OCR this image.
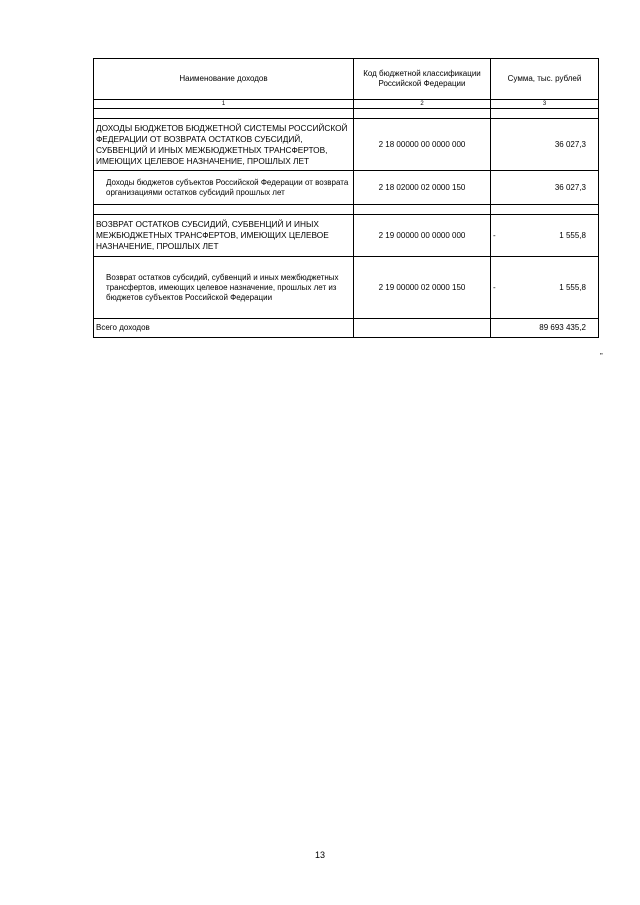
Наименование доходов	Код бюджетной классификации Российской Федерации	Сумма, тыс. рублей

1	2	3

ДОХОДЫ БЮДЖЕТОВ БЮДЖЕТНОЙ СИСТЕМЫ РОССИЙСКОЙ ФЕДЕРАЦИИ ОТ ВОЗВРАТА ОСТАТКОВ СУБСИДИЙ, СУБВЕНЦИЙ И ИНЫХ МЕЖБЮДЖЕТНЫХ ТРАНСФЕРТОВ, ИМЕЮЩИХ ЦЕЛЕВОЕ НАЗНАЧЕНИЕ, ПРОШЛЫХ ЛЕТ	2 18 00000 00 0000 000	36 027,3

Доходы бюджетов субъектов Российской Федерации от возврата организациями остатков субсидий прошлых лет	2 18 02000 02 0000 150	36 027,3

ВОЗВРАТ ОСТАТКОВ СУБСИДИЙ, СУБВЕНЦИЙ И ИНЫХ МЕЖБЮДЖЕТНЫХ ТРАНСФЕРТОВ, ИМЕЮЩИХ ЦЕЛЕВОЕ НАЗНАЧЕНИЕ, ПРОШЛЫХ ЛЕТ	2 19 00000 00 0000 000	- 1 555,8

Возврат остатков субсидий, субвенций и иных межбюджетных трансфертов, имеющих целевое назначение, прошлых лет из бюджетов субъектов Российской Федерации	2 19 00000 02 0000 150	- 1 555,8
Всего доходов		89 693 435,2
”
13
